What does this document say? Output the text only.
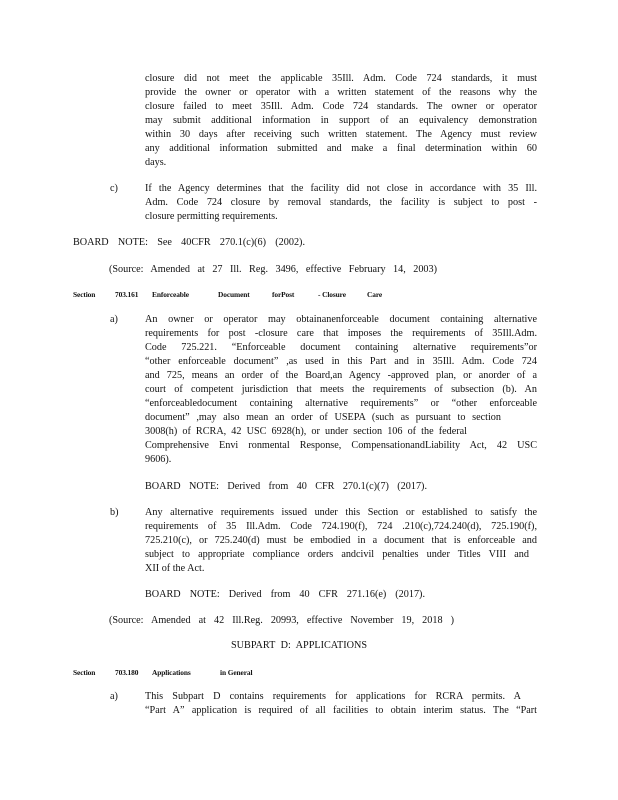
closure did not meet the applicable 35Ill. Adm. Code 724 standards, it must
provide the owner or operator with a written statement of the reasons why the
closure failed to meet 35Ill. Adm. Code 724 standards. The owner or operator
may submit additional information in support of an equivalency demonstration
within 30 days after receiving such written statement. The Agency must review
any additional information submitted and make a final determination within 60
days.
c)	If the Agency determines that the facility did not close in accordance with 35 Ill.
Adm. Code 724 closure by removal standards, the facility is subject to post -
closure permitting requirements.
BOARD NOTE: See 40CFR 270.1(c)(6) (2002).
(Source: Amended at 27 Ill. Reg. 3496, effective February 14, 2003)
Section	703.161 Enforceable	Document	forPost	- Closure	Care
a)	An owner or operator may obtainanenforceable document containing alternative
requirements for post -closure care that imposes the requirements of 35Ill.Adm.
Code 725.221. “Enforceable document containing alternative requirements”or
“other enforceable document” ,as used in this Part and in 35Ill. Adm. Code 724
and 725, means an order of the Board,an Agency -approved plan, or anorder of a
court of competent jurisdiction that meets the requirements of subsection (b). An
“enforceabledocument containing alternative requirements” or “other enforceable
document” ,may also mean an order of USEPA (such as pursuant to section
3008(h) of RCRA, 42 USC 6928(h), or under section 106 of the federal
Comprehensive Envi ronmental Response, CompensationandLiability Act, 42 USC
9606).
BOARD NOTE: Derived from 40 CFR 270.1(c)(7) (2017).
b)	Any alternative requirements issued under this Section or established to satisfy the
requirements of 35 Ill.Adm. Code 724.190(f), 724 .210(c),724.240(d), 725.190(f),
725.210(c), or 725.240(d) must be embodied in a document that is enforceable and
subject to appropriate compliance orders andcivil penalties under Titles VIII and
XII of the Act.
BOARD NOTE: Derived from 40 CFR 271.16(e) (2017).
(Source: Amended at 42 Ill.Reg. 20993, effective November 19, 2018 )
SUBPART D: APPLICATIONS
Section	703.180 Applications	in General
a)	This Subpart D contains requirements for applications for RCRA permits. A
“Part A” application is required of all facilities to obtain interim status. The “Part
